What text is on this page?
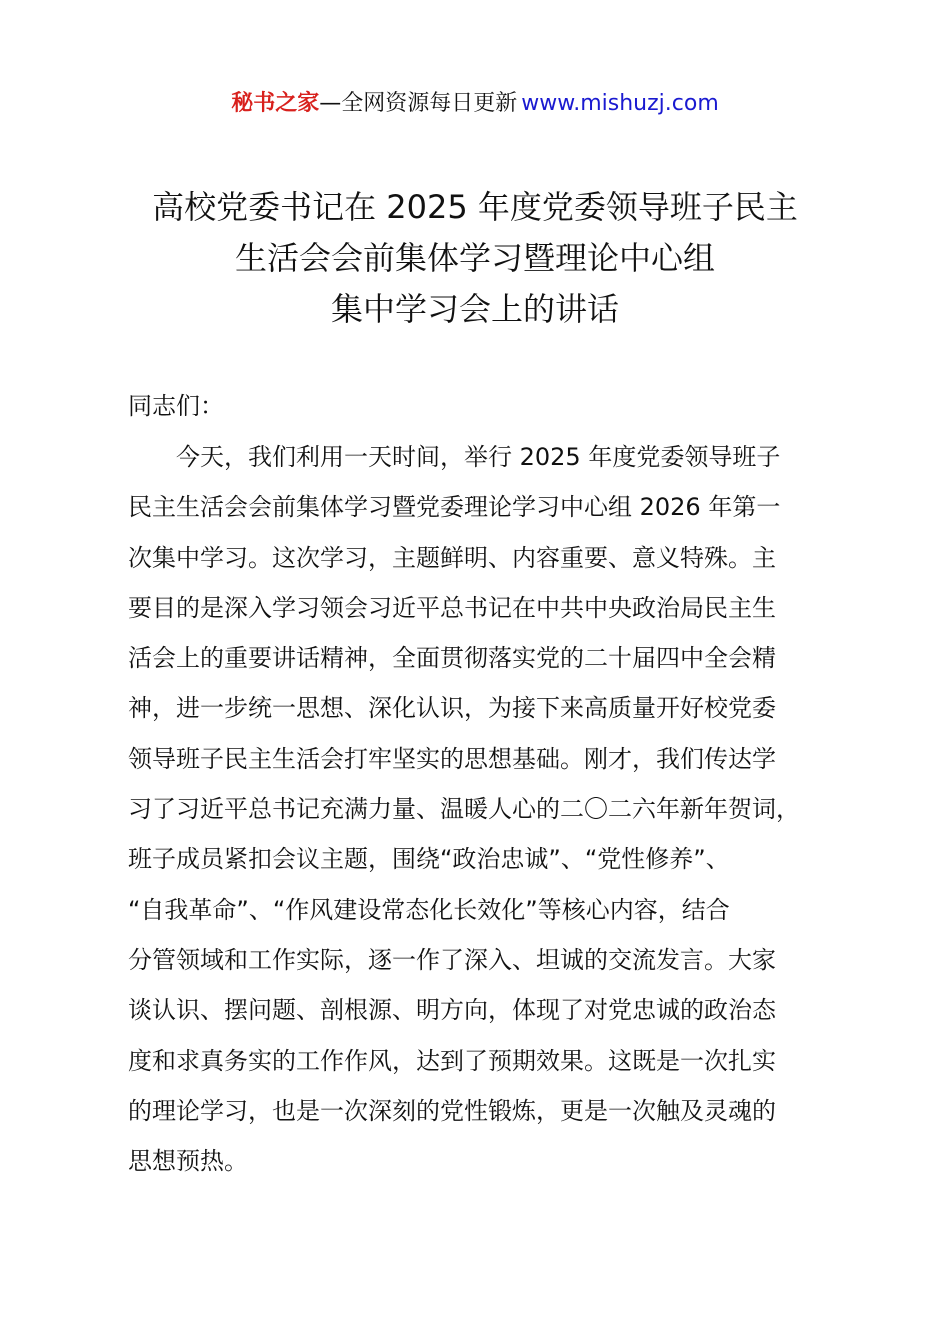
秘书之家—全网资源每日更新 www.mishuzj.com
高校党委书记在 2025 年度党委领导班子民主
生活会会前集体学习暨理论中心组
集中学习会上的讲话
同志们：
今天，我们利用一天时间，举行 2025 年度党委领导班子
民主生活会会前集体学习暨党委理论学习中心组 2026 年第一
次集中学习。这次学习，主题鲜明、内容重要、意义特殊。主
要目的是深入学习领会习近平总书记在中共中央政治局民主生
活会上的重要讲话精神，全面贯彻落实党的二十届四中全会精
神，进一步统一思想、深化认识，为接下来高质量开好校党委
领导班子民主生活会打牢坚实的思想基础。刚才，我们传达学
习了习近平总书记充满力量、温暖人心的二〇二六年新年贺词，
班子成员紧扣会议主题，围绕“政治忠诚”、“党性修养”、
“自我革命”、“作风建设常态化长效化”等核心内容，结合
分管领域和工作实际，逐一作了深入、坦诚的交流发言。大家
谈认识、摆问题、剖根源、明方向，体现了对党忠诚的政治态
度和求真务实的工作作风，达到了预期效果。这既是一次扎实
的理论学习，也是一次深刻的党性锻炼，更是一次触及灵魂的
思想预热。
